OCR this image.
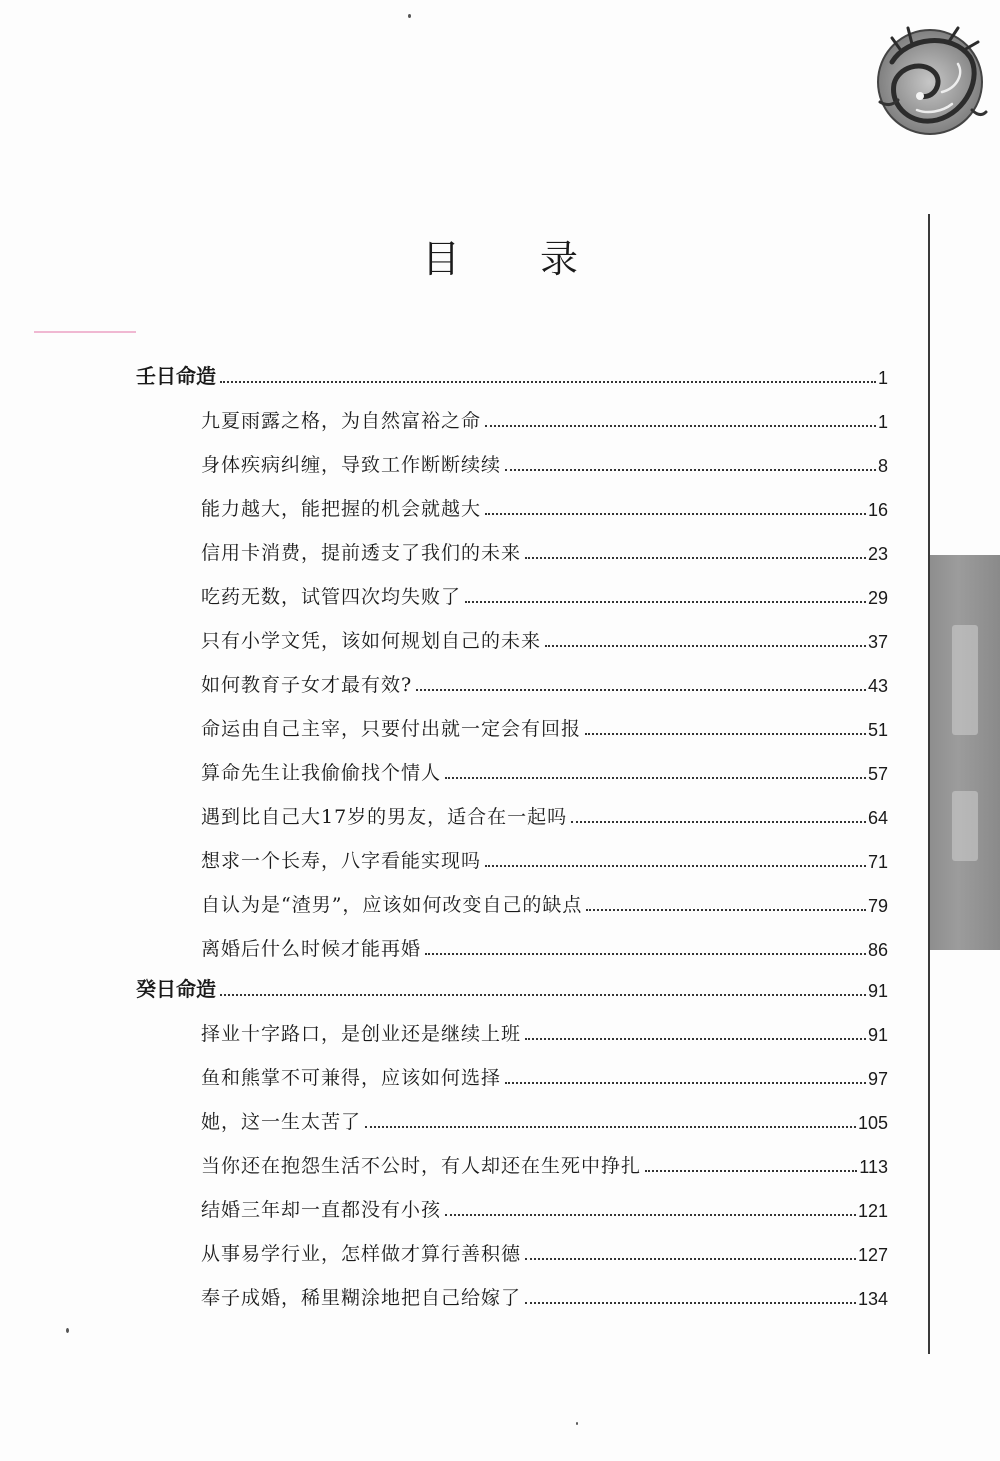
目 录
壬日命造	1
九夏雨露之格，为自然富裕之命	1
身体疾病纠缠，导致工作断断续续	8
能力越大，能把握的机会就越大	16
信用卡消费，提前透支了我们的未来	23
吃药无数，试管四次均失败了	29
只有小学文凭，该如何规划自己的未来	37
如何教育子女才最有效?	43
命运由自己主宰，只要付出就一定会有回报	51
算命先生让我偷偷找个情人	57
遇到比自己大17岁的男友，适合在一起吗	64
想求一个长寿，八字看能实现吗	71
自认为是“渣男”，应该如何改变自己的缺点	79
离婚后什么时候才能再婚	86
癸日命造	91
择业十字路口，是创业还是继续上班	91
鱼和熊掌不可兼得，应该如何选择	97
她，这一生太苦了	105
当你还在抱怨生活不公时，有人却还在生死中挣扎	113
结婚三年却一直都没有小孩	121
从事易学行业，怎样做才算行善积德	127
奉子成婚，稀里糊涂地把自己给嫁了	134
